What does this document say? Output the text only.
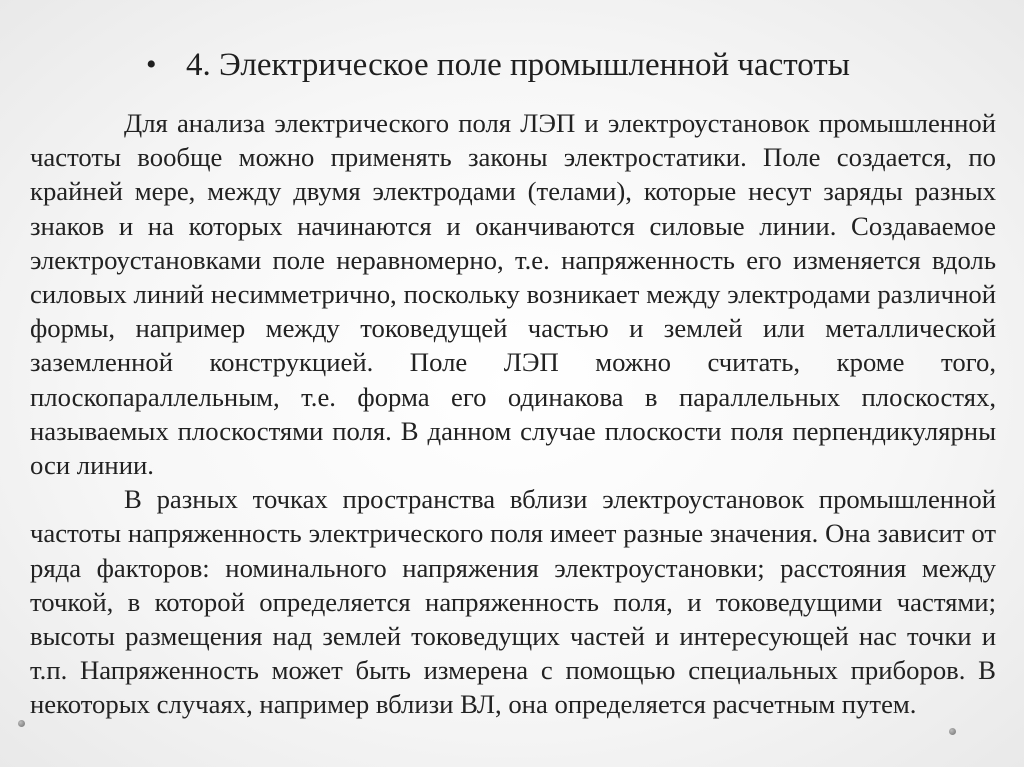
• 4. Электрическое поле промышленной частоты

Для анализа электрического поля ЛЭП и электроустановок промышленной частоты вообще можно применять законы электростатики. Поле создается, по крайней мере, между двумя электродами (телами), которые несут заряды разных знаков и на которых начинаются и оканчиваются силовые линии. Создаваемое электроустановками поле неравномерно, т.е. напряженность его изменяется вдоль силовых линий несимметрично, поскольку возникает между электродами различной формы, например между токоведущей частью и землей или металлической заземленной конструкцией. Поле ЛЭП можно считать, кроме того, плоскопараллельным, т.е. форма его одинакова в параллельных плоскостях, называемых плоскостями поля. В данном случае плоскости поля перпендикулярны оси линии.

В разных точках пространства вблизи электроустановок промышленной частоты напряженность электрического поля имеет разные значения. Она зависит от ряда факторов: номинального напряжения электроустановки; расстояния между точкой, в которой определяется напряженность поля, и токоведущими частями; высоты размещения над землей токоведущих частей и интересующей нас точки и т.п. Напряженность может быть измерена с помощью специальных приборов. В некоторых случаях, например вблизи ВЛ, она определяется расчетным путем.
